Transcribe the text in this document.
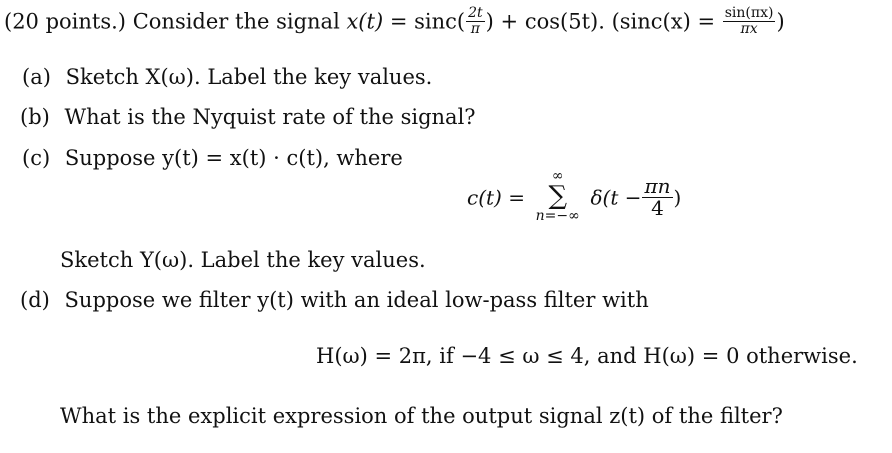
(20 points.) Consider the signal $x(t) = \sin c( \frac{2t}{\pi}$ ) + cos(5t). ($\sin c(x) = \frac{\sin(\pi x)}{\pi x}$ )
(a) Sketch X(ω). Label the key values.
(b) What is the Nyquist rate of the signal?
(c) Suppose y(t) = x(t) · c(t), where
c(t) =
∞
∑
n=−∞
$\delta(t - \frac{\pi n}{4}$ )
Sketch Y(ω). Label the key values.
(d) Suppose we filter y(t) with an ideal low-pass filter with
H(ω) = 2π, if −4 ≤ ω ≤ 4, and H(ω) = 0 otherwise.
What is the explicit expression of the output signal z(t) of the filter?
